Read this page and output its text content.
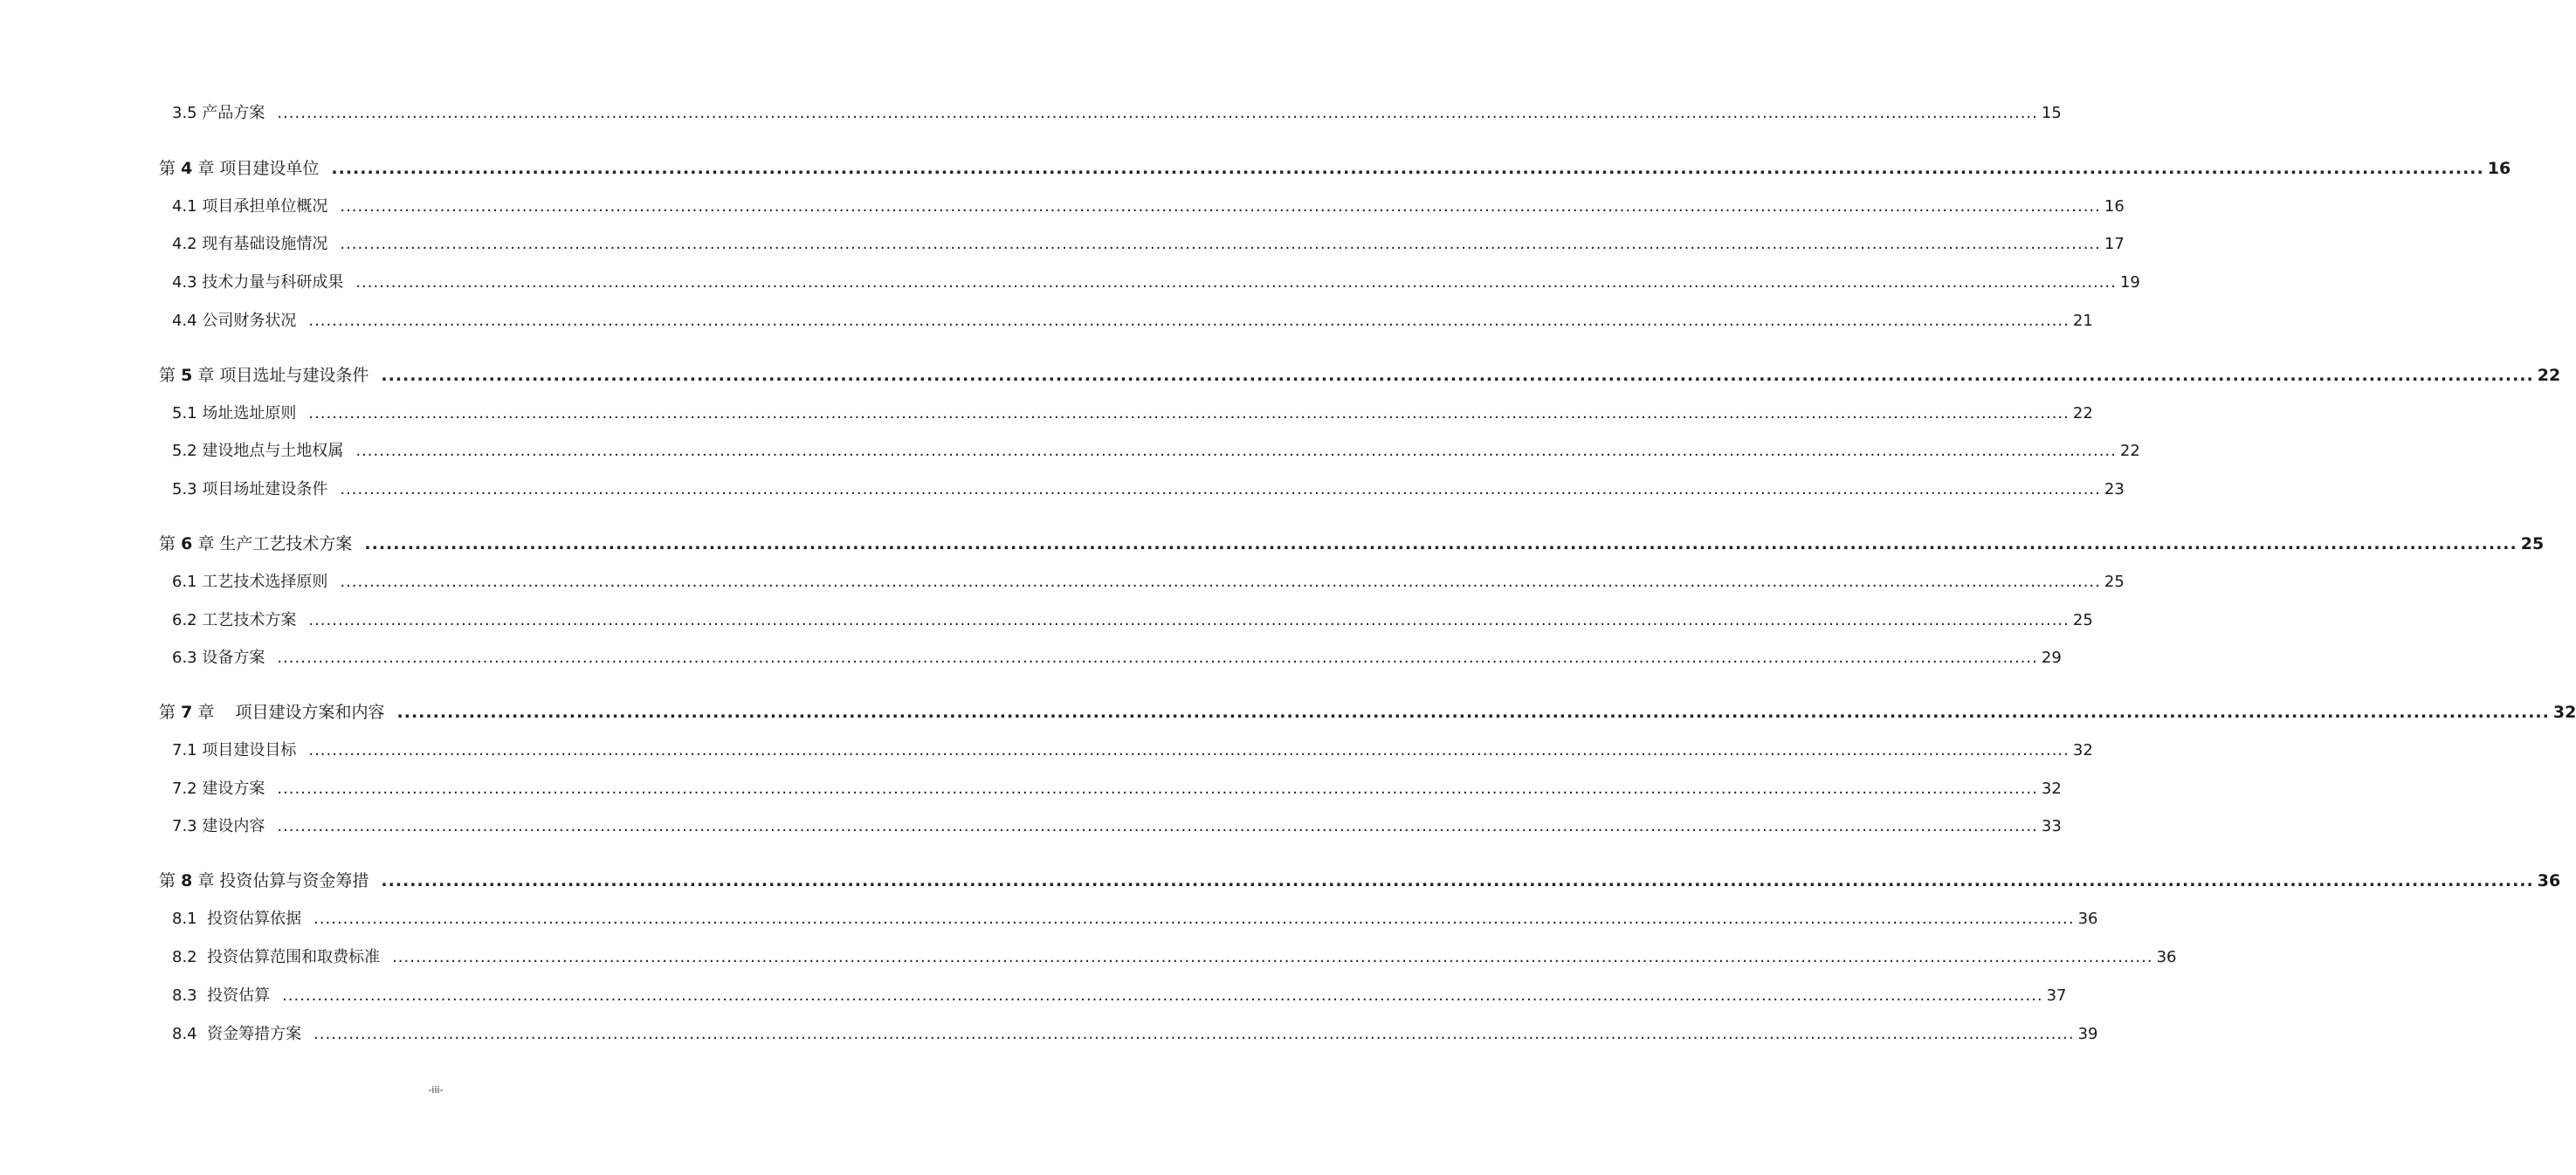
3.5 产品方案 ............................................................................................................................................................................................................................................................................................................ 15
第 4 章 项目建设单位 ............................................................................................................................................................................................................................................................................................................ 16
4.1 项目承担单位概况 ............................................................................................................................................................................................................................................................................................................ 16
4.2 现有基础设施情况 ............................................................................................................................................................................................................................................................................................................ 17
4.3 技术力量与科研成果 ............................................................................................................................................................................................................................................................................................................ 19
4.4 公司财务状况 ............................................................................................................................................................................................................................................................................................................ 21
第 5 章 项目选址与建设条件 ............................................................................................................................................................................................................................................................................................................ 22
5.1 场址选址原则 ............................................................................................................................................................................................................................................................................................................ 22
5.2 建设地点与土地权属 ............................................................................................................................................................................................................................................................................................................ 22
5.3 项目场址建设条件 ............................................................................................................................................................................................................................................................................................................ 23
第 6 章 生产工艺技术方案 ............................................................................................................................................................................................................................................................................................................ 25
6.1 工艺技术选择原则 ............................................................................................................................................................................................................................................................................................................ 25
6.2 工艺技术方案 ............................................................................................................................................................................................................................................................................................................ 25
6.3 设备方案 ............................................................................................................................................................................................................................................................................................................ 29
第 7 章    项目建设方案和内容 ............................................................................................................................................................................................................................................................................................................ 32
7.1 项目建设目标 ............................................................................................................................................................................................................................................................................................................ 32
7.2 建设方案 ............................................................................................................................................................................................................................................................................................................ 32
7.3 建设内容 ............................................................................................................................................................................................................................................................................................................ 33
第 8 章 投资估算与资金筹措 ............................................................................................................................................................................................................................................................................................................ 36
8.1  投资估算依据 ............................................................................................................................................................................................................................................................................................................ 36
8.2  投资估算范围和取费标准 ............................................................................................................................................................................................................................................................................................................ 36
8.3  投资估算 ............................................................................................................................................................................................................................................................................................................ 37
8.4  资金筹措方案 ............................................................................................................................................................................................................................................................................................................ 39
-iii-
